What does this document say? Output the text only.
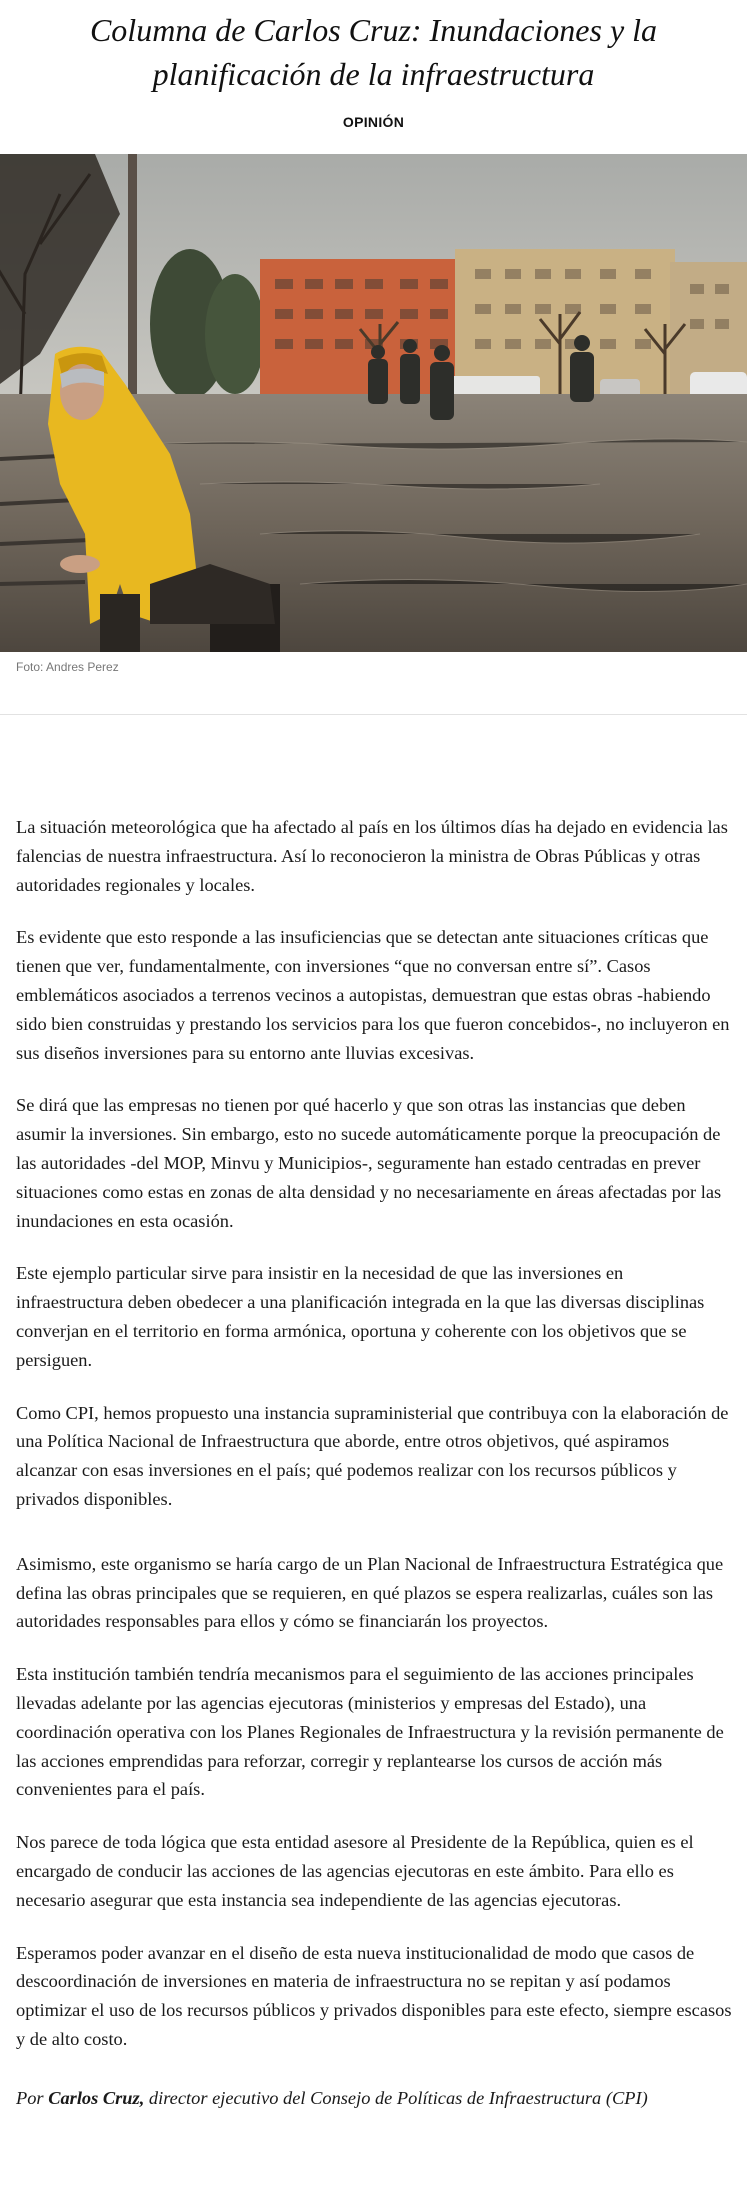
Columna de Carlos Cruz: Inundaciones y la planificación de la infraestructura
OPINIÓN
Foto: Andres Perez

La situación meteorológica que ha afectado al país en los últimos días ha dejado en evidencia las falencias de nuestra infraestructura. Así lo reconocieron la ministra de Obras Públicas y otras autoridades regionales y locales.

Es evidente que esto responde a las insuficiencias que se detectan ante situaciones críticas que tienen que ver, fundamentalmente, con inversiones “que no conversan entre sí”. Casos emblemáticos asociados a terrenos vecinos a autopistas, demuestran que estas obras -habiendo sido bien construidas y prestando los servicios para los que fueron concebidos-, no incluyeron en sus diseños inversiones para su entorno ante lluvias excesivas.

Se dirá que las empresas no tienen por qué hacerlo y que son otras las instancias que deben asumir la inversiones. Sin embargo, esto no sucede automáticamente porque la preocupación de las autoridades -del MOP, Minvu y Municipios-, seguramente han estado centradas en prever situaciones como estas en zonas de alta densidad y no necesariamente en áreas afectadas por las inundaciones en esta ocasión.

Este ejemplo particular sirve para insistir en la necesidad de que las inversiones en infraestructura deben obedecer a una planificación integrada en la que las diversas disciplinas converjan en el territorio en forma armónica, oportuna y coherente con los objetivos que se persiguen.

Como CPI, hemos propuesto una instancia supraministerial que contribuya con la elaboración de una Política Nacional de Infraestructura que aborde, entre otros objetivos, qué aspiramos alcanzar con esas inversiones en el país; qué podemos realizar con los recursos públicos y privados disponibles.

Asimismo, este organismo se haría cargo de un Plan Nacional de Infraestructura Estratégica que defina las obras principales que se requieren, en qué plazos se espera realizarlas, cuáles son las autoridades responsables para ellos y cómo se financiarán los proyectos.

Esta institución también tendría mecanismos para el seguimiento de las acciones principales llevadas adelante por las agencias ejecutoras (ministerios y empresas del Estado), una coordinación operativa con los Planes Regionales de Infraestructura y la revisión permanente de las acciones emprendidas para reforzar, corregir y replantearse los cursos de acción más convenientes para el país.

Nos parece de toda lógica que esta entidad asesore al Presidente de la República, quien es el encargado de conducir las acciones de las agencias ejecutoras en este ámbito. Para ello es necesario asegurar que esta instancia sea independiente de las agencias ejecutoras.

Esperamos poder avanzar en el diseño de esta nueva institucionalidad de modo que casos de descoordinación de inversiones en materia de infraestructura no se repitan y así podamos optimizar el uso de los recursos públicos y privados disponibles para este efecto, siempre escasos y de alto costo.

Por Carlos Cruz, director ejecutivo del Consejo de Políticas de Infraestructura (CPI)
